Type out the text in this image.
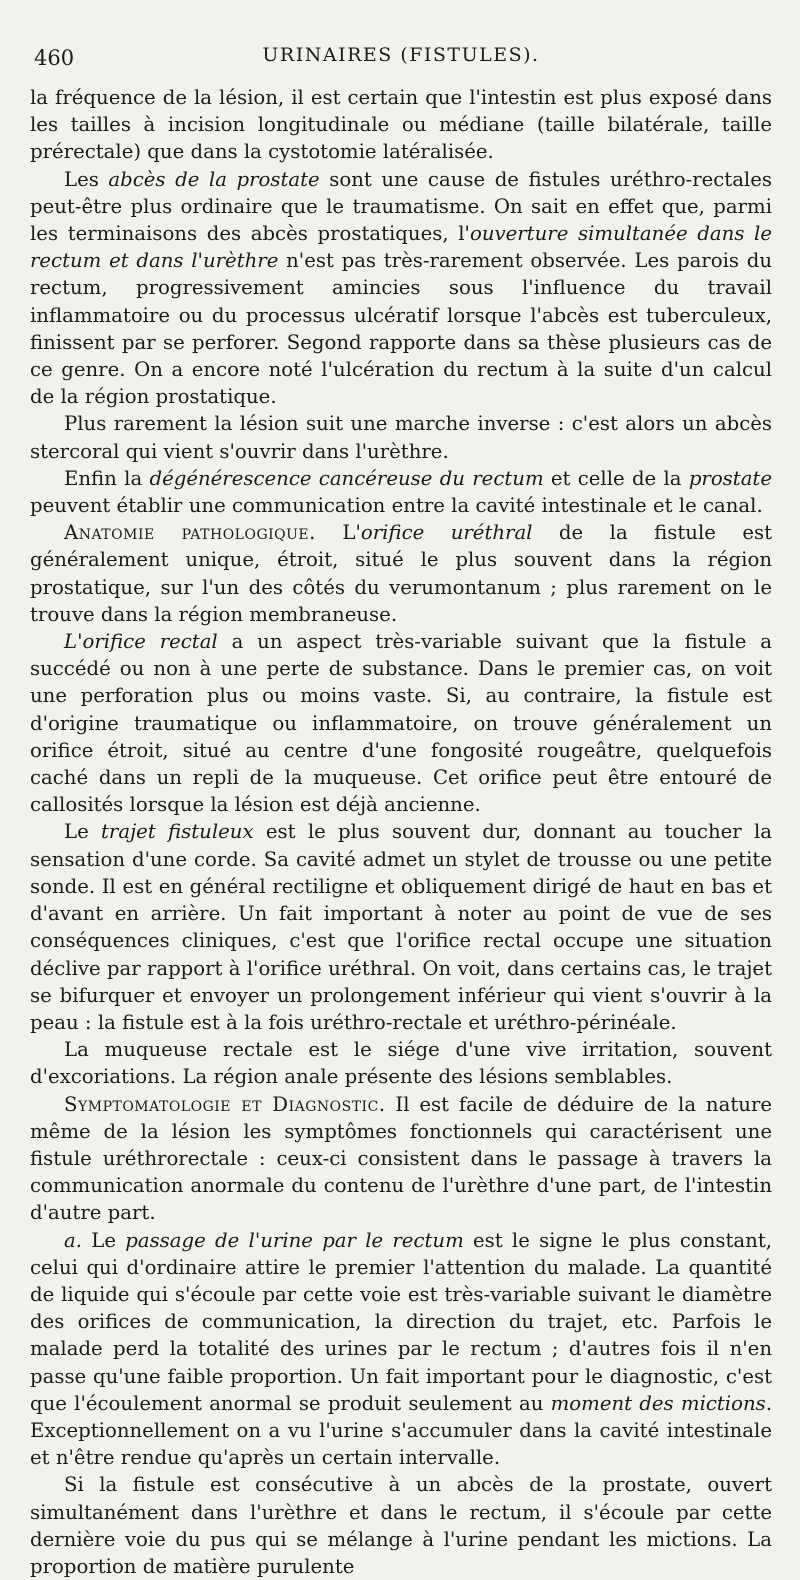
460	URINAIRES (FISTULES).

la fréquence de la lésion, il est certain que l'intestin est plus exposé dans les tailles à incision longitudinale ou médiane (taille bilatérale, taille prérectale) que dans la cystotomie latéralisée.

Les abcès de la prostate sont une cause de fistules uréthro-rectales peut-être plus ordinaire que le traumatisme. On sait en effet que, parmi les terminaisons des abcès prostatiques, l'ouverture simultanée dans le rectum et dans l'urèthre n'est pas très-rarement observée. Les parois du rectum, progressivement amincies sous l'influence du travail inflammatoire ou du processus ulcératif lorsque l'abcès est tuberculeux, finissent par se perforer. Segond rapporte dans sa thèse plusieurs cas de ce genre. On a encore noté l'ulcération du rectum à la suite d'un calcul de la région prostatique.

Plus rarement la lésion suit une marche inverse : c'est alors un abcès stercoral qui vient s'ouvrir dans l'urèthre.

Enfin la dégénérescence cancéreuse du rectum et celle de la prostate peuvent établir une communication entre la cavité intestinale et le canal.

Anatomie pathologique. L'orifice uréthral de la fistule est généralement unique, étroit, situé le plus souvent dans la région prostatique, sur l'un des côtés du verumontanum ; plus rarement on le trouve dans la région membraneuse.

L'orifice rectal a un aspect très-variable suivant que la fistule a succédé ou non à une perte de substance. Dans le premier cas, on voit une perforation plus ou moins vaste. Si, au contraire, la fistule est d'origine traumatique ou inflammatoire, on trouve généralement un orifice étroit, situé au centre d'une fongosité rougeâtre, quelquefois caché dans un repli de la muqueuse. Cet orifice peut être entouré de callosités lorsque la lésion est déjà ancienne.

Le trajet fistuleux est le plus souvent dur, donnant au toucher la sensation d'une corde. Sa cavité admet un stylet de trousse ou une petite sonde. Il est en général rectiligne et obliquement dirigé de haut en bas et d'avant en arrière. Un fait important à noter au point de vue de ses conséquences cliniques, c'est que l'orifice rectal occupe une situation déclive par rapport à l'orifice uréthral. On voit, dans certains cas, le trajet se bifurquer et envoyer un prolongement inférieur qui vient s'ouvrir à la peau : la fistule est à la fois uréthro-rectale et uréthro-périnéale.

La muqueuse rectale est le siége d'une vive irritation, souvent d'excoriations. La région anale présente des lésions semblables.

Symptomatologie et Diagnostic. Il est facile de déduire de la nature même de la lésion les symptômes fonctionnels qui caractérisent une fistule uréthrorectale : ceux-ci consistent dans le passage à travers la communication anormale du contenu de l'urèthre d'une part, de l'intestin d'autre part.

a. Le passage de l'urine par le rectum est le signe le plus constant, celui qui d'ordinaire attire le premier l'attention du malade. La quantité de liquide qui s'écoule par cette voie est très-variable suivant le diamètre des orifices de communication, la direction du trajet, etc. Parfois le malade perd la totalité des urines par le rectum ; d'autres fois il n'en passe qu'une faible proportion. Un fait important pour le diagnostic, c'est que l'écoulement anormal se produit seulement au moment des mictions. Exceptionnellement on a vu l'urine s'accumuler dans la cavité intestinale et n'être rendue qu'après un certain intervalle.

Si la fistule est consécutive à un abcès de la prostate, ouvert simultanément dans l'urèthre et dans le rectum, il s'écoule par cette dernière voie du pus qui se mélange à l'urine pendant les mictions. La proportion de matière purulente
